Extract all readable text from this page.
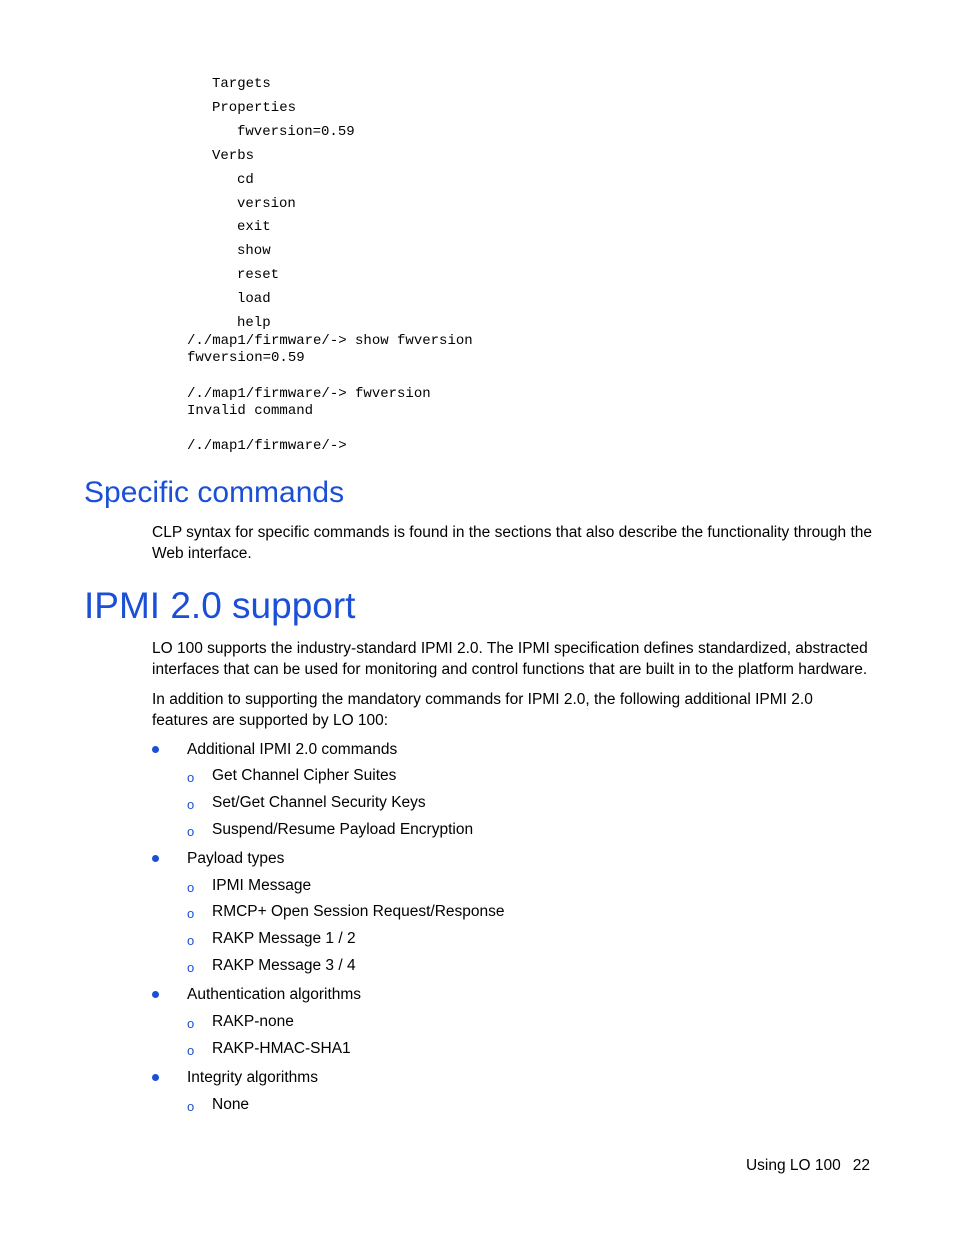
Targets
Properties
fwversion=0.59
Verbs
cd
version
exit
show
reset
load
help
/./map1/firmware/-> show fwversion
fwversion=0.59
/./map1/firmware/-> fwversion
Invalid command
/./map1/firmware/->
Specific commands

CLP syntax for specific commands is found in the sections that also describe the functionality through the Web interface.

IPMI 2.0 support

LO 100 supports the industry-standard IPMI 2.0. The IPMI specification defines standardized, abstracted interfaces that can be used for monitoring and control functions that are built in to the platform hardware.

In addition to supporting the mandatory commands for IPMI 2.0, the following additional IPMI 2.0 features are supported by LO 100:

Additional IPMI 2.0 commands
o Get Channel Cipher Suites
o Set/Get Channel Security Keys
o Suspend/Resume Payload Encryption
Payload types
o IPMI Message
o RMCP+ Open Session Request/Response
o RAKP Message 1 / 2
o RAKP Message 3 / 4
Authentication algorithms
o RAKP-none
o RAKP-HMAC-SHA1
Integrity algorithms
o None
Using LO 100 22
